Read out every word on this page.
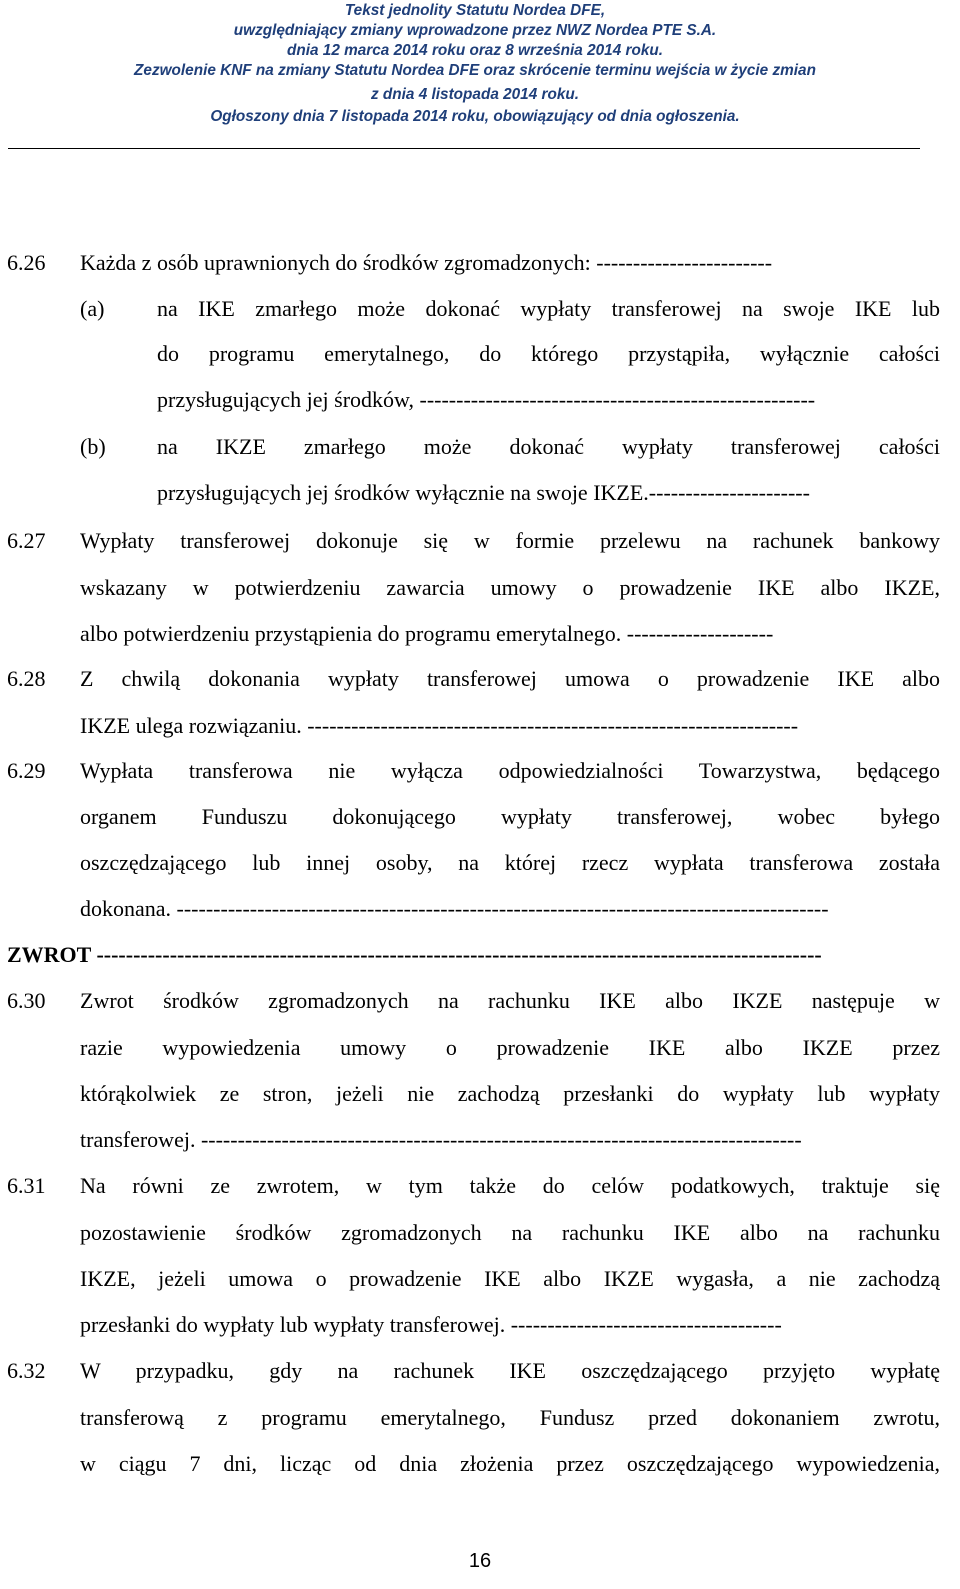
Tekst jednolity Statutu Nordea DFE,
uwzględniający zmiany wprowadzone przez NWZ Nordea PTE S.A.
dnia 12 marca 2014 roku oraz 8 września 2014 roku.
Zezwolenie KNF na zmiany Statutu Nordea DFE oraz skrócenie terminu wejścia w życie zmian
z dnia 4 listopada 2014 roku.
Ogłoszony dnia 7 listopada 2014 roku, obowiązujący od dnia ogłoszenia.
6.26 Każda z osób uprawnionych do środków zgromadzonych: ------------------------
(a) na IKE zmarłego może dokonać wypłaty transferowej na swoje IKE lub
do programu emerytalnego, do którego przystąpiła, wyłącznie całości
przysługujących jej środków, ------------------------------------------------------
(b) na IKZE zmarłego może dokonać wypłaty transferowej całości
przysługujących jej środków wyłącznie na swoje IKZE.----------------------
6.27 Wypłaty transferowej dokonuje się w formie przelewu na rachunek bankowy
wskazany w potwierdzeniu zawarcia umowy o prowadzenie IKE albo IKZE,
albo potwierdzeniu przystąpienia do programu emerytalnego. --------------------
6.28 Z chwilą dokonania wypłaty transferowej umowa o prowadzenie IKE albo
IKZE ulega rozwiązaniu. -------------------------------------------------------------------
6.29 Wypłata transferowa nie wyłącza odpowiedzialności Towarzystwa, będącego
organem Funduszu dokonującego wypłaty transferowej, wobec byłego
oszczędzającego lub innej osoby, na której rzecz wypłata transferowa została
dokonana. -----------------------------------------------------------------------------------------
ZWROT ---------------------------------------------------------------------------------------------------
6.30 Zwrot środków zgromadzonych na rachunku IKE albo IKZE następuje w
razie wypowiedzenia umowy o prowadzenie IKE albo IKZE przez
którąkolwiek ze stron, jeżeli nie zachodzą przesłanki do wypłaty lub wypłaty
transferowej. ----------------------------------------------------------------------------------
6.31 Na równi ze zwrotem, w tym także do celów podatkowych, traktuje się
pozostawienie środków zgromadzonych na rachunku IKE albo na rachunku
IKZE, jeżeli umowa o prowadzenie IKE albo IKZE wygasła, a nie zachodzą
przesłanki do wypłaty lub wypłaty transferowej. -------------------------------------
6.32 W przypadku, gdy na rachunek IKE oszczędzającego przyjęto wypłatę
transferową z programu emerytalnego, Fundusz przed dokonaniem zwrotu,
w ciągu 7 dni, licząc od dnia złożenia przez oszczędzającego wypowiedzenia,
16
